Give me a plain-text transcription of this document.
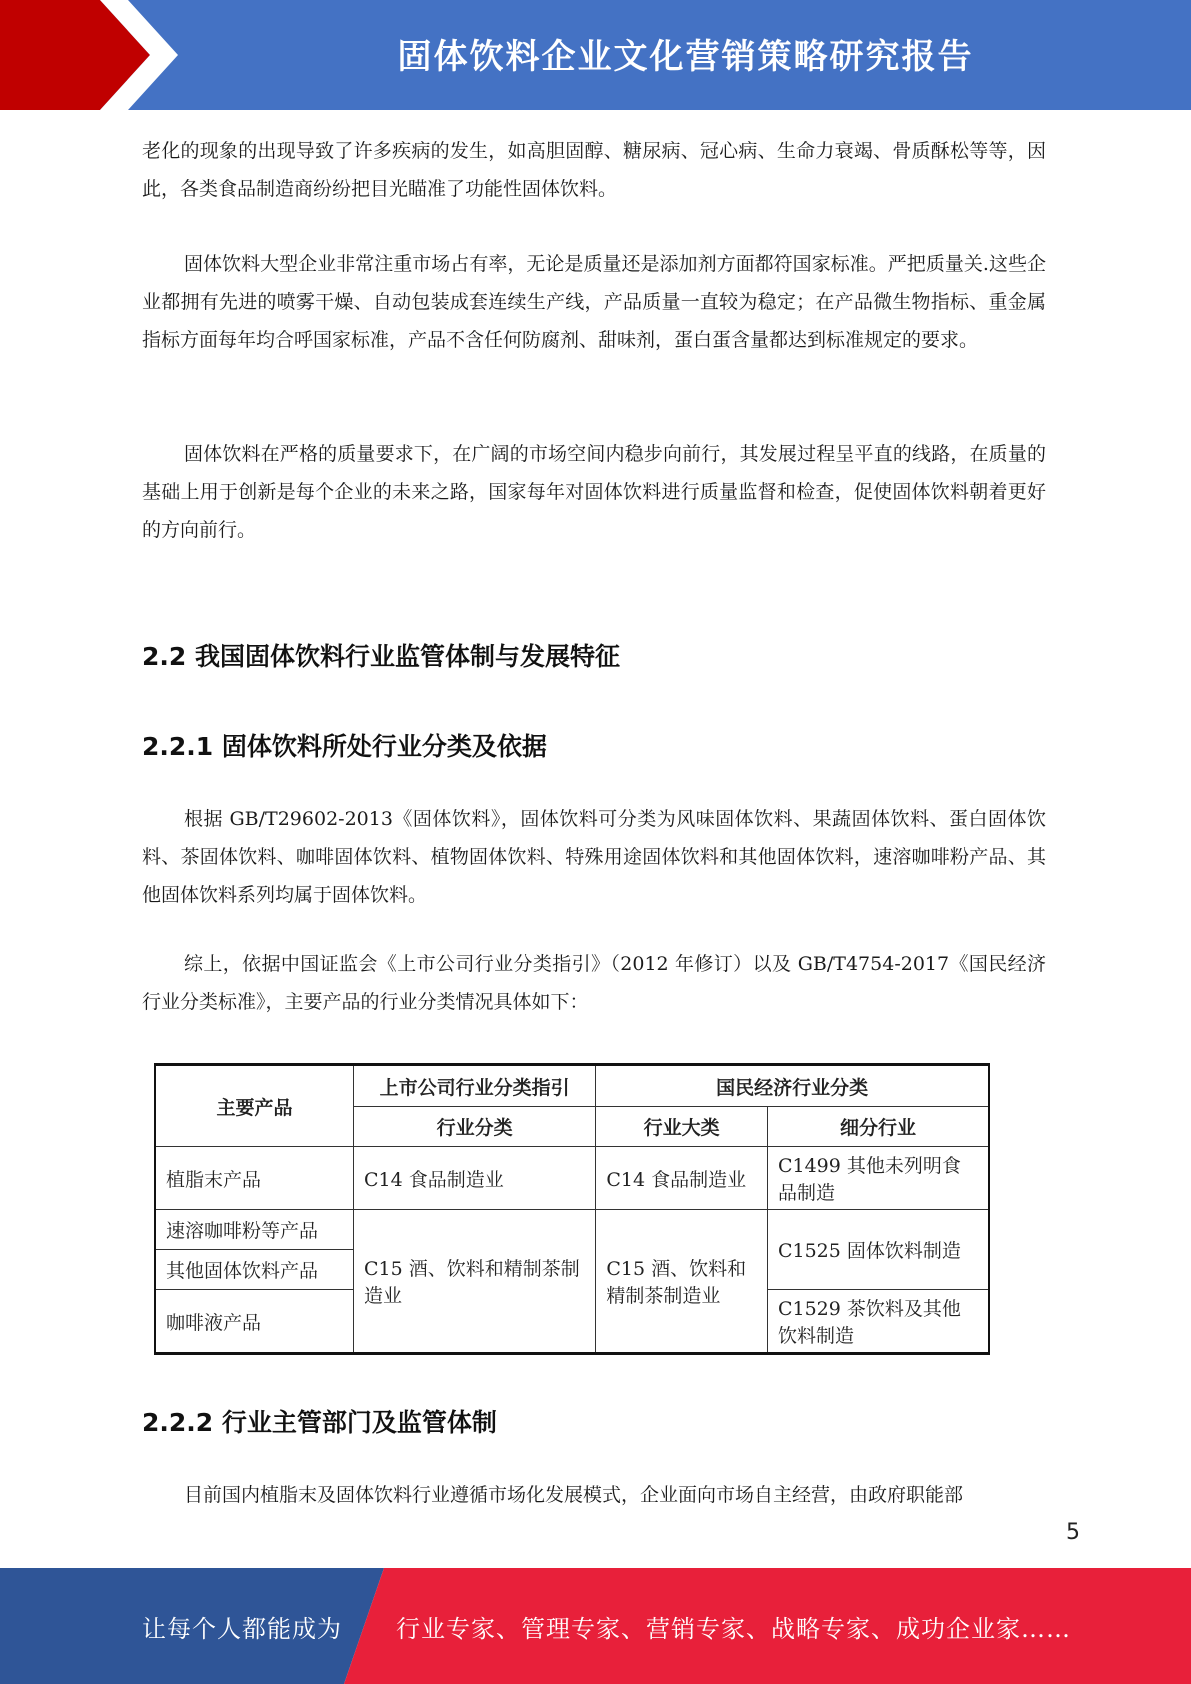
固体饮料企业文化营销策略研究报告

老化的现象的出现导致了许多疾病的发生，如高胆固醇、糖尿病、冠心病、生命力衰竭、骨质酥松等等，因此，各类食品制造商纷纷把目光瞄准了功能性固体饮料。

固体饮料大型企业非常注重市场占有率，无论是质量还是添加剂方面都符国家标准。严把质量关.这些企业都拥有先进的喷雾干燥、自动包装成套连续生产线，产品质量一直较为稳定；在产品微生物指标、重金属指标方面每年均合呼国家标准，产品不含任何防腐剂、甜味剂，蛋白蛋含量都达到标准规定的要求。

固体饮料在严格的质量要求下，在广阔的市场空间内稳步向前行，其发展过程呈平直的线路，在质量的基础上用于创新是每个企业的未来之路，国家每年对固体饮料进行质量监督和检查，促使固体饮料朝着更好的方向前行。

2.2 我国固体饮料行业监管体制与发展特征
2.2.1 固体饮料所处行业分类及依据

根据 GB/T29602-2013《固体饮料》，固体饮料可分类为风味固体饮料、果蔬固体饮料、蛋白固体饮料、茶固体饮料、咖啡固体饮料、植物固体饮料、特殊用途固体饮料和其他固体饮料，速溶咖啡粉产品、其他固体饮料系列均属于固体饮料。

综上，依据中国证监会《上市公司行业分类指引》（2012 年修订）以及 GB/T4754-2017《国民经济行业分类标准》，主要产品的行业分类情况具体如下：

主要产品	上市公司行业分类指引	国民经济行业分类	
	行业分类	行业大类	细分行业
植脂末产品	C14 食品制造业	C14 食品制造业	C1499 其他未列明食品制造
速溶咖啡粉等产品	C15 酒、饮料和精制茶制造业	C15 酒、饮料和精制茶制造业	C1525 固体饮料制造
其他固体饮料产品			
咖啡液产品			C1529 茶饮料及其他饮料制造
2.2.2 行业主管部门及监管体制

目前国内植脂末及固体饮料行业遵循市场化发展模式，企业面向市场自主经营，由政府职能部

5
让每个人都能成为 行业专家、管理专家、营销专家、战略专家、成功企业家……
